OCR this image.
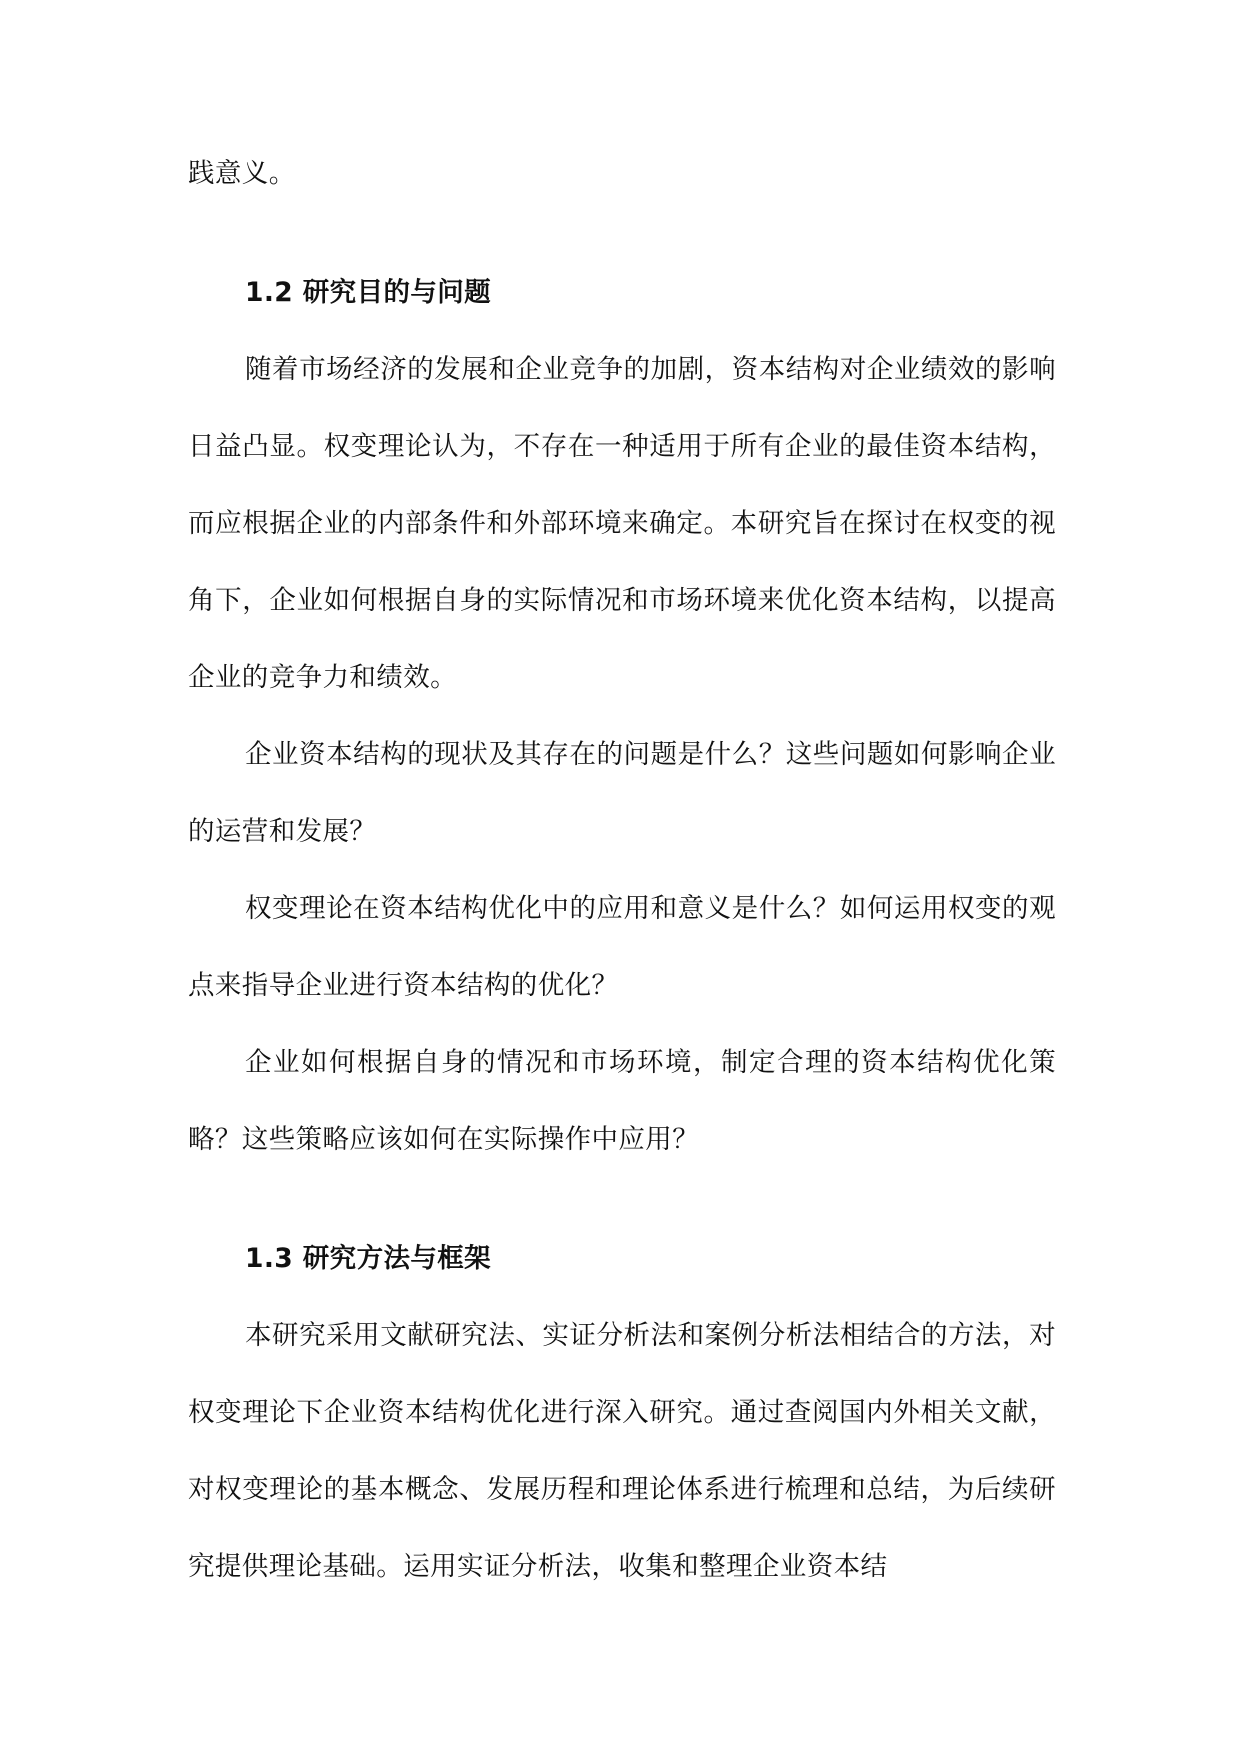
践意义。

1.2 研究目的与问题

随着市场经济的发展和企业竞争的加剧，资本结构对企业绩效的影响日益凸显。权变理论认为，不存在一种适用于所有企业的最佳资本结构，而应根据企业的内部条件和外部环境来确定。本研究旨在探讨在权变的视角下，企业如何根据自身的实际情况和市场环境来优化资本结构，以提高企业的竞争力和绩效。

企业资本结构的现状及其存在的问题是什么？这些问题如何影响企业的运营和发展？

权变理论在资本结构优化中的应用和意义是什么？如何运用权变的观点来指导企业进行资本结构的优化？

企业如何根据自身的情况和市场环境，制定合理的资本结构优化策略？这些策略应该如何在实际操作中应用？

1.3 研究方法与框架

本研究采用文献研究法、实证分析法和案例分析法相结合的方法，对权变理论下企业资本结构优化进行深入研究。通过查阅国内外相关文献，对权变理论的基本概念、发展历程和理论体系进行梳理和总结，为后续研究提供理论基础。运用实证分析法，收集和整理企业资本结
